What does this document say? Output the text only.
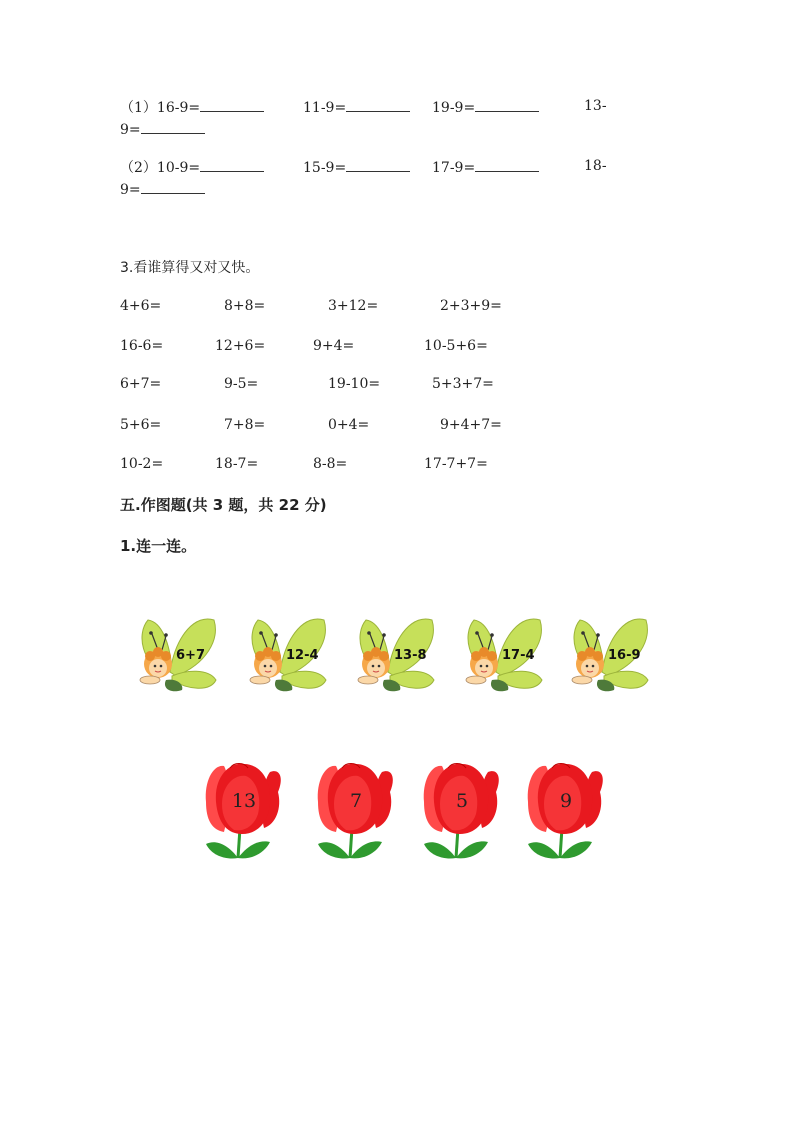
（1）16-9=	11-9=	19-9=	13-
9=
（2）10-9=	15-9=	17-9=	18-
9=
3.看谁算得又对又快。
4+6=	8+8=	3+12=	2+3+9=
16-6=	12+6=	9+4=	10-5+6=
6+7=	9-5=	19-10=	5+3+7=
5+6=	7+8=	0+4=	9+4+7=
10-2=	18-7=	8-8=	17-7+7=
五.作图题(共 3 题，共 22 分)
1.连一连。
6+7	12-4	13-8	17-4	16-9
13	7	5	9
